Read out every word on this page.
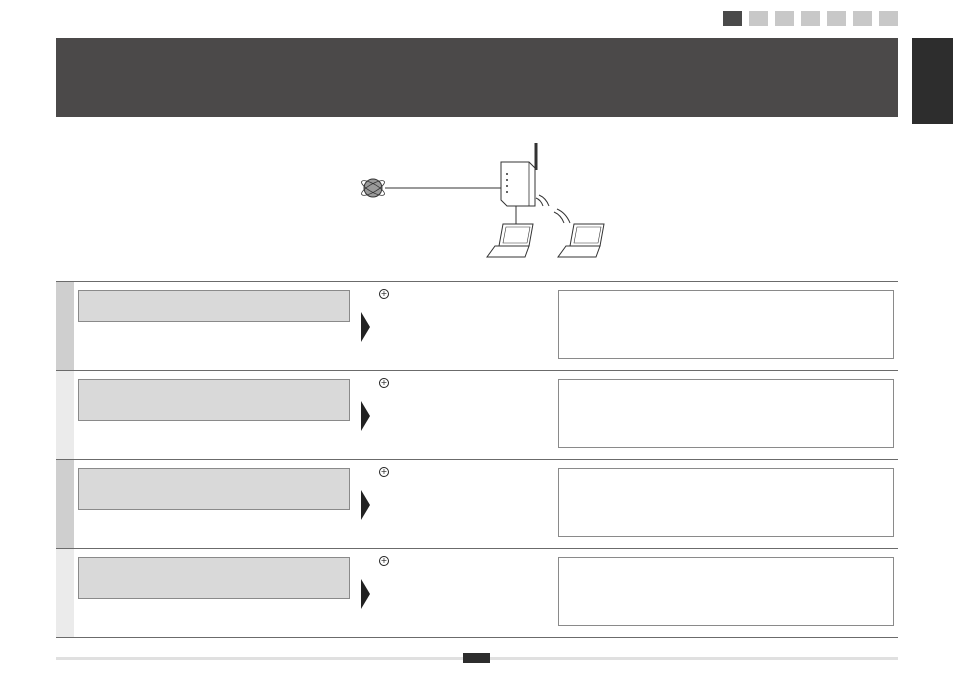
+
+
+
+
